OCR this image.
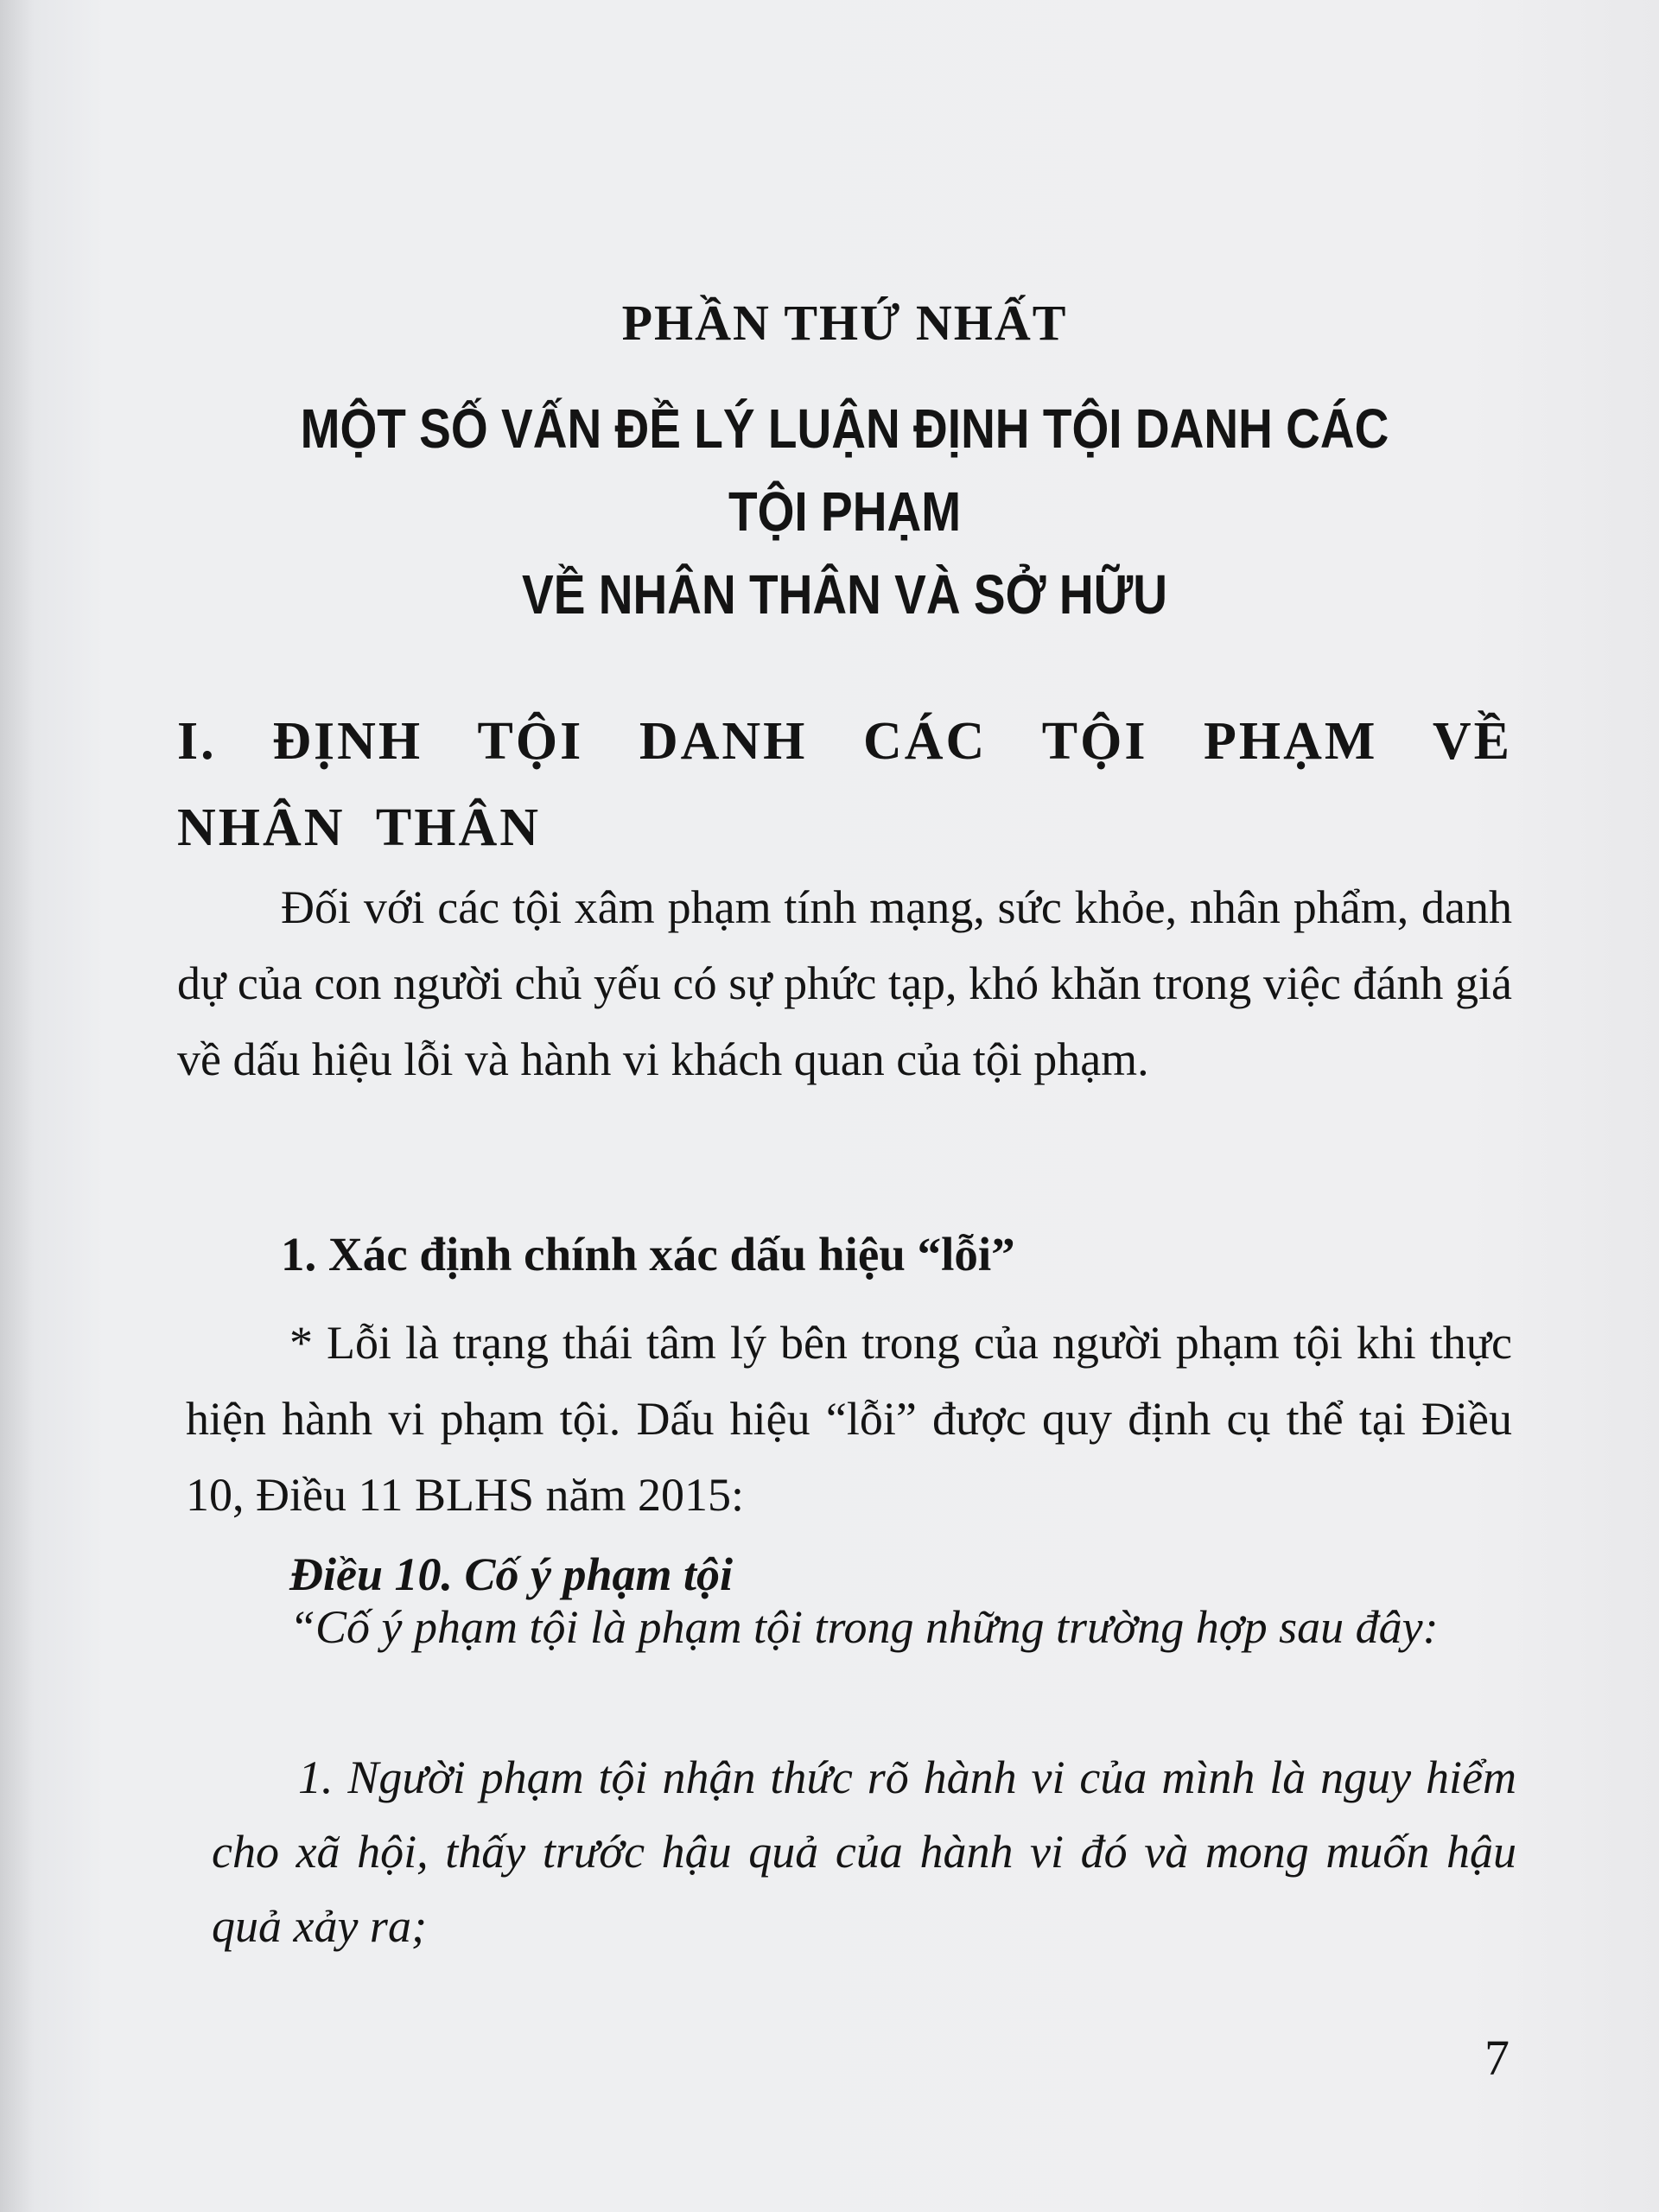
PHẦN THỨ NHẤT
MỘT SỐ VẤN ĐỀ LÝ LUẬN ĐỊNH TỘI DANH CÁC TỘI PHẠM
VỀ NHÂN THÂN VÀ SỞ HỮU
I. ĐỊNH TỘI DANH CÁC TỘI PHẠM VỀ NHÂN THÂN

Đối với các tội xâm phạm tính mạng, sức khỏe, nhân phẩm, danh dự của con người chủ yếu có sự phức tạp, khó khăn trong việc đánh giá về dấu hiệu lỗi và hành vi khách quan của tội phạm.

1. Xác định chính xác dấu hiệu “lỗi”

* Lỗi là trạng thái tâm lý bên trong của người phạm tội khi thực hiện hành vi phạm tội. Dấu hiệu “lỗi” được quy định cụ thể tại Điều 10, Điều 11 BLHS năm 2015:

Điều 10. Cố ý phạm tội

“Cố ý phạm tội là phạm tội trong những trường hợp sau đây:

1. Người phạm tội nhận thức rõ hành vi của mình là nguy hiểm cho xã hội, thấy trước hậu quả của hành vi đó và mong muốn hậu quả xảy ra;

7
